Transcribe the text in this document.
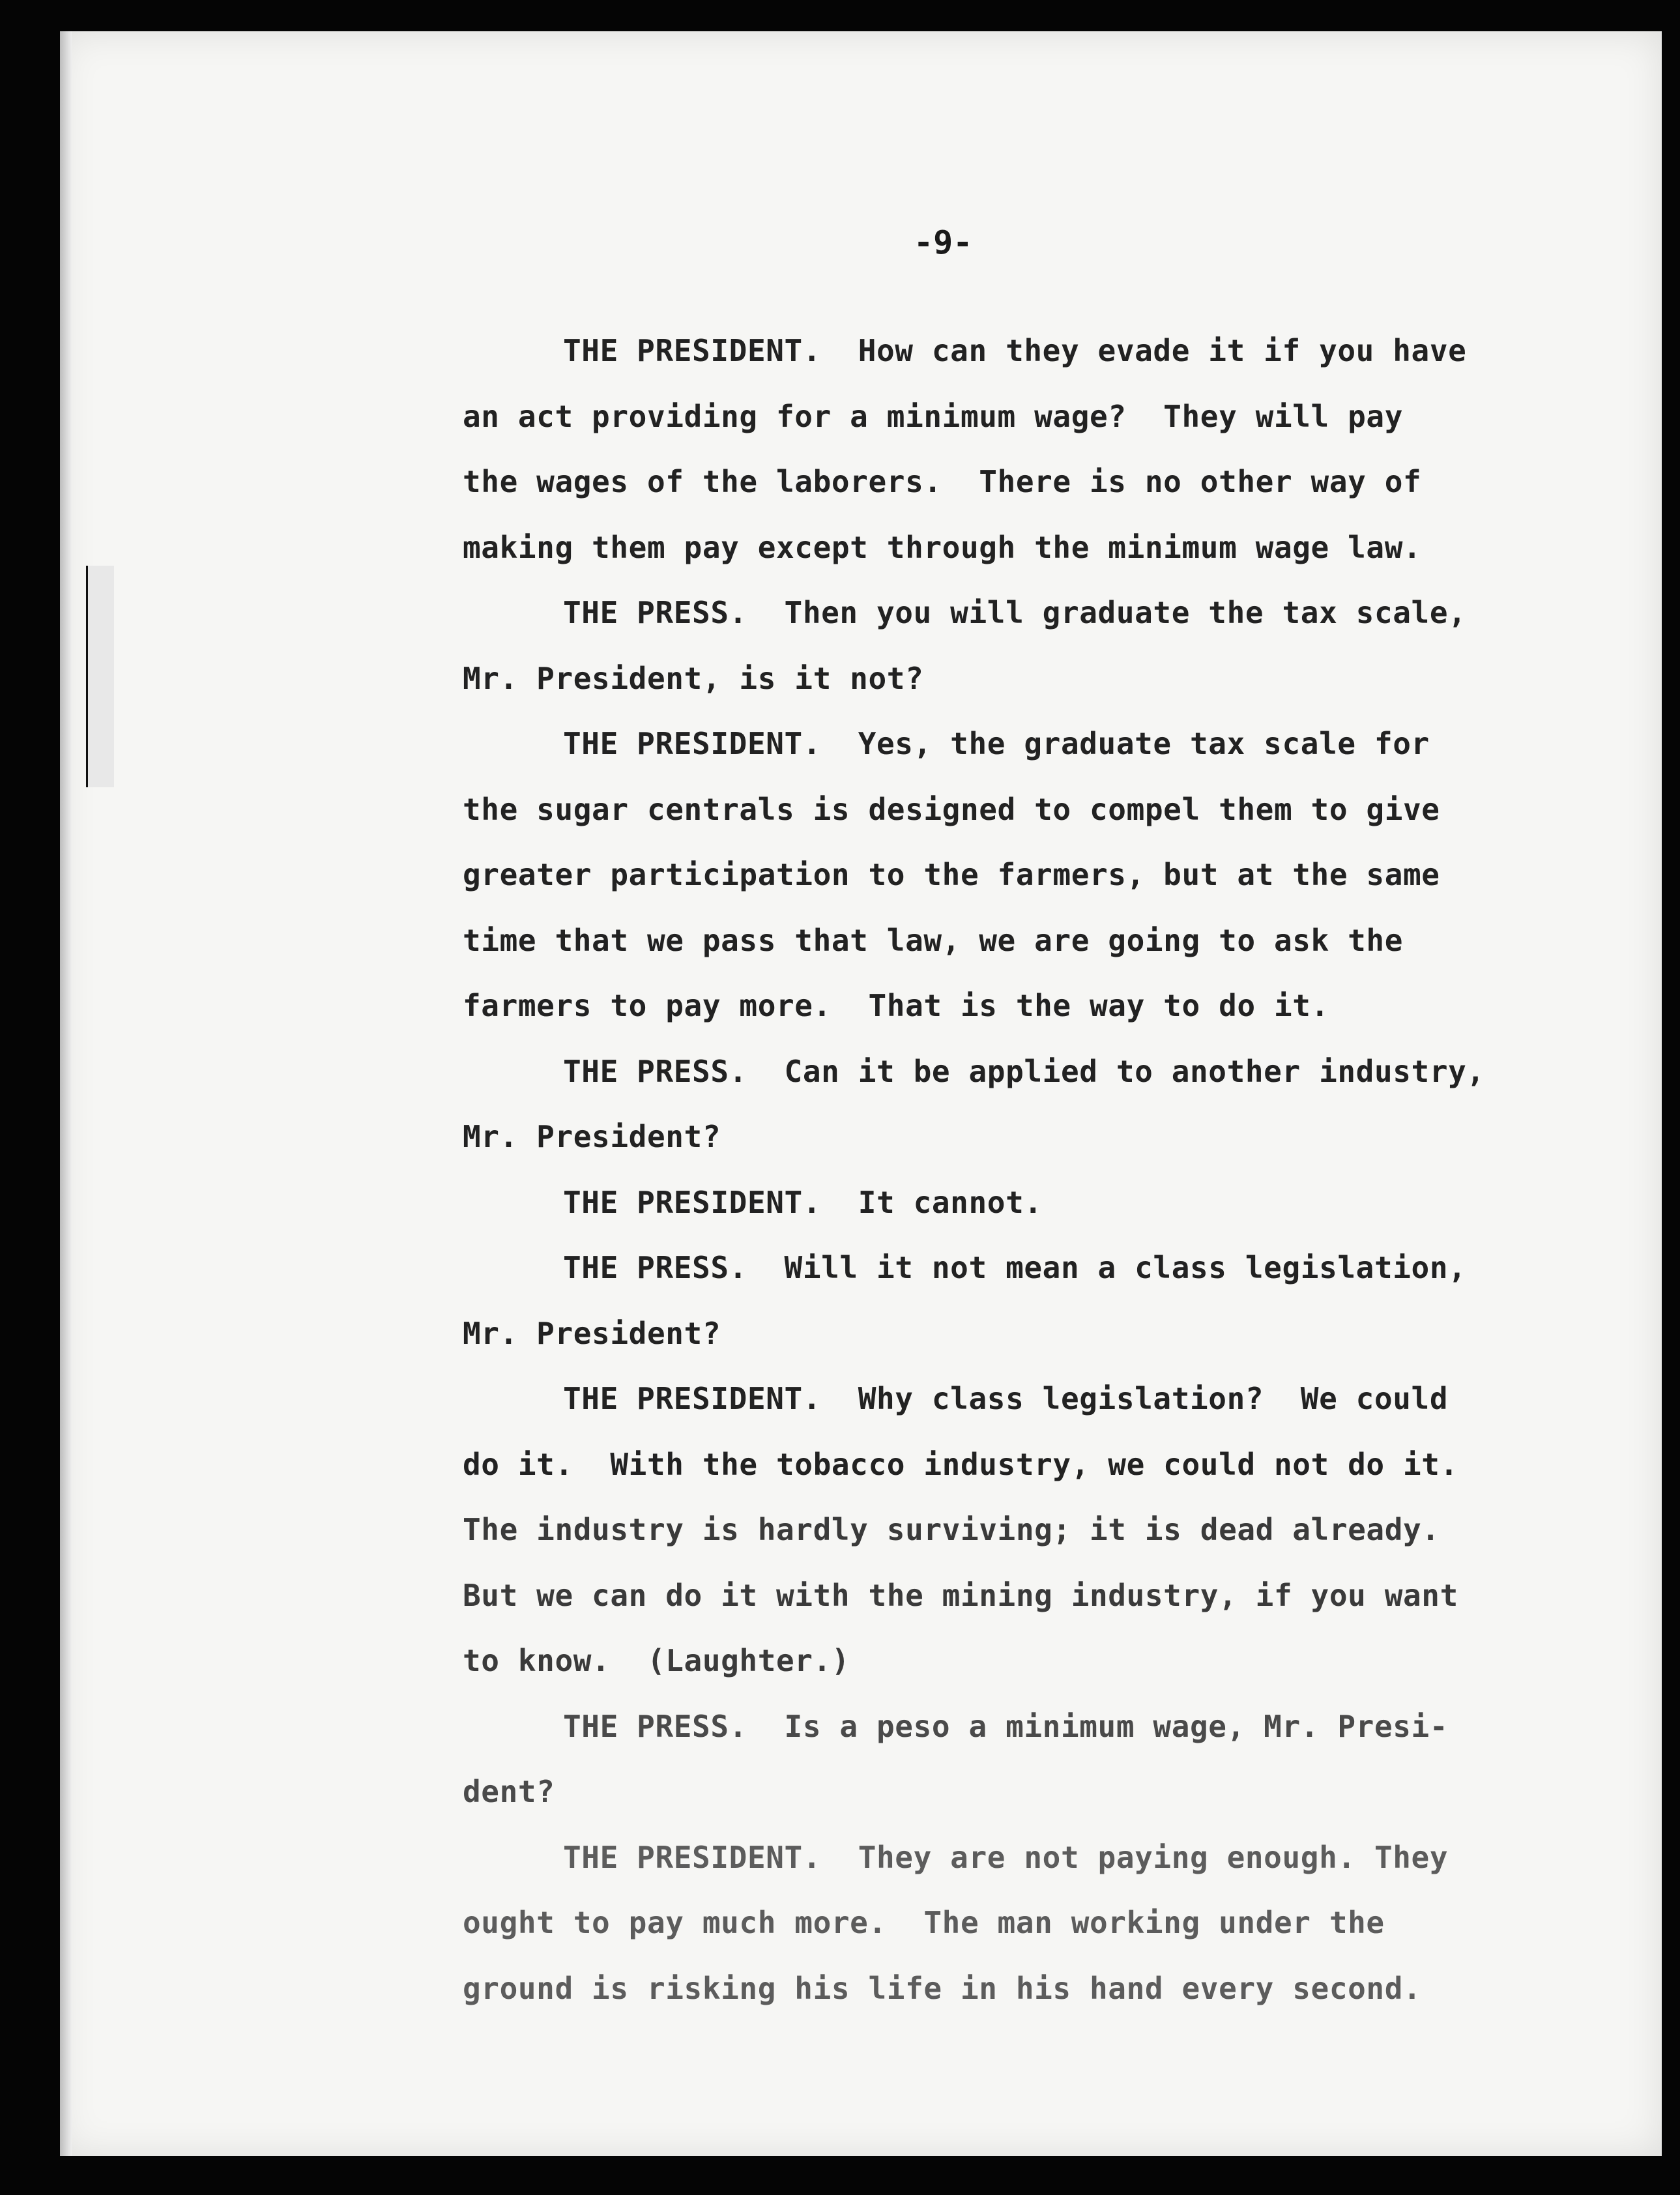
-9-
THE PRESIDENT.  How can they evade it if you have
an act providing for a minimum wage?  They will pay
the wages of the laborers.  There is no other way of
making them pay except through the minimum wage law.
THE PRESS.  Then you will graduate the tax scale,
Mr. President, is it not?
THE PRESIDENT.  Yes, the graduate tax scale for
the sugar centrals is designed to compel them to give
greater participation to the farmers, but at the same
time that we pass that law, we are going to ask the
farmers to pay more.  That is the way to do it.
THE PRESS.  Can it be applied to another industry,
Mr. President?
THE PRESIDENT.  It cannot.
THE PRESS.  Will it not mean a class legislation,
Mr. President?
THE PRESIDENT.  Why class legislation?  We could
do it.  With the tobacco industry, we could not do it.
The industry is hardly surviving; it is dead already.
But we can do it with the mining industry, if you want
to know.  (Laughter.)
THE PRESS.  Is a peso a minimum wage, Mr. Presi-
dent?
THE PRESIDENT.  They are not paying enough. They
ought to pay much more.  The man working under the
ground is risking his life in his hand every second.
